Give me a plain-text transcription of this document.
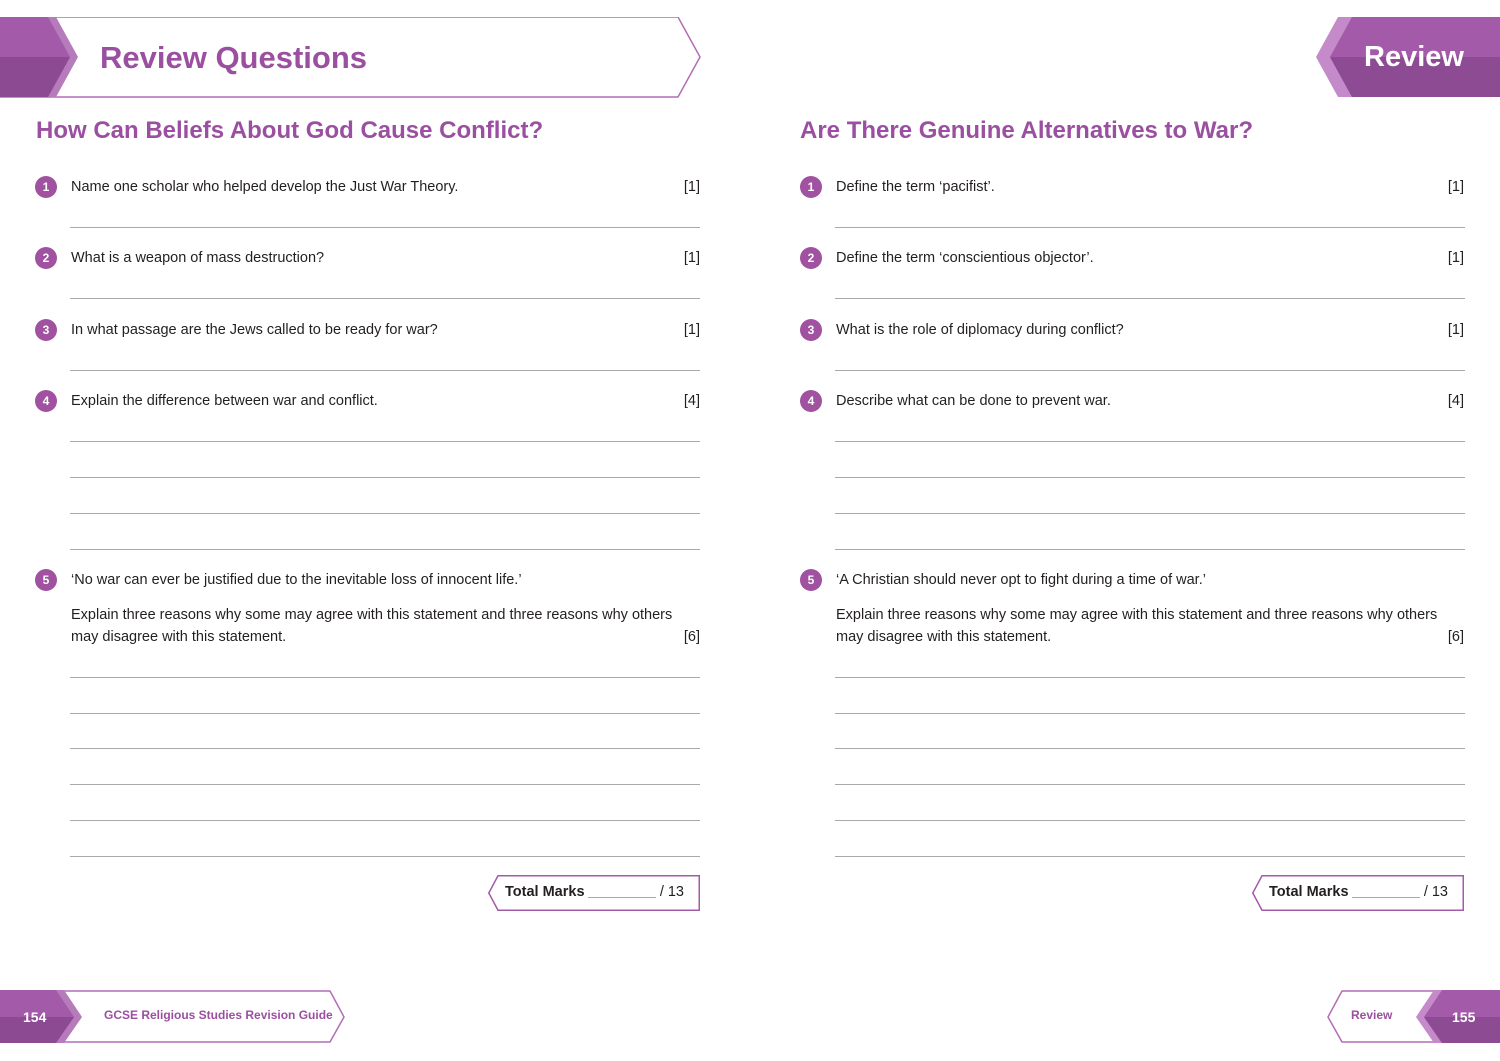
Review Questions	Review
How Can Beliefs About God Cause Conflict?
1	Name one scholar who helped develop the Just War Theory.	[1]
2	What is a weapon of mass destruction?	[1]
3	In what passage are the Jews called to be ready for war?	[1]
4	Explain the difference between war and conflict.	[4]
5	‘No war can ever be justified due to the inevitable loss of innocent life.’
Explain three reasons why some may agree with this statement and three reasons why others may disagree with this statement.	[6]
Total Marks	/ 13
Are There Genuine Alternatives to War?
1	Define the term ‘pacifist’.	[1]
2	Define the term ‘conscientious objector’.	[1]
3	What is the role of diplomacy during conflict?	[1]
4	Describe what can be done to prevent war.	[4]
5	‘A Christian should never opt to fight during a time of war.’
Explain three reasons why some may agree with this statement and three reasons why others may disagree with this statement.	[6]
Total Marks	/ 13
154	GCSE Religious Studies Revision Guide	Review	155
